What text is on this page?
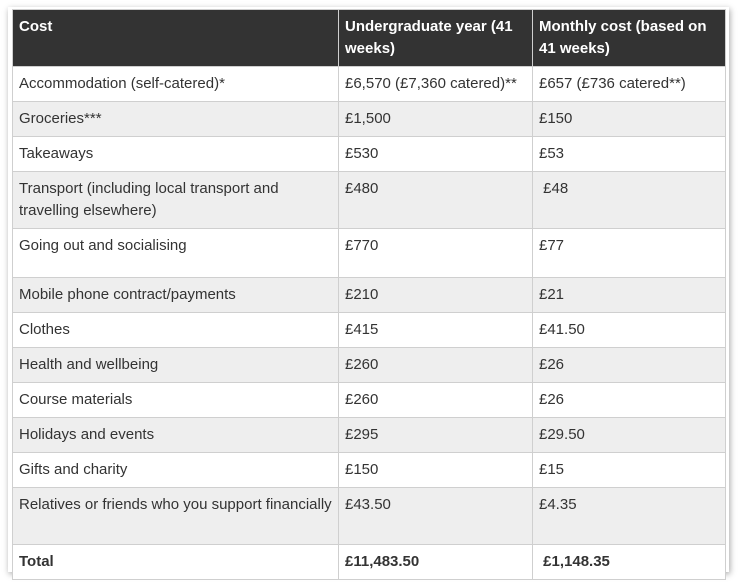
Cost	Undergraduate year (41 weeks)	Monthly cost (based on 41 weeks)
Accommodation (self-catered)*	£6,570 (£7,360 catered)**	£657 (£736 catered**)
Groceries***	£1,500	£150
Takeaways	£530	£53
Transport (including local transport and travelling elsewhere)	£480	£48
Going out and socialising	£770	£77
Mobile phone contract/payments	£210	£21
Clothes	£415	£41.50
Health and wellbeing	£260	£26
Course materials	£260	£26
Holidays and events	£295	£29.50
Gifts and charity	£150	£15
Relatives or friends who you support financially	£43.50	£4.35
Total	£11,483.50	£1,148.35
